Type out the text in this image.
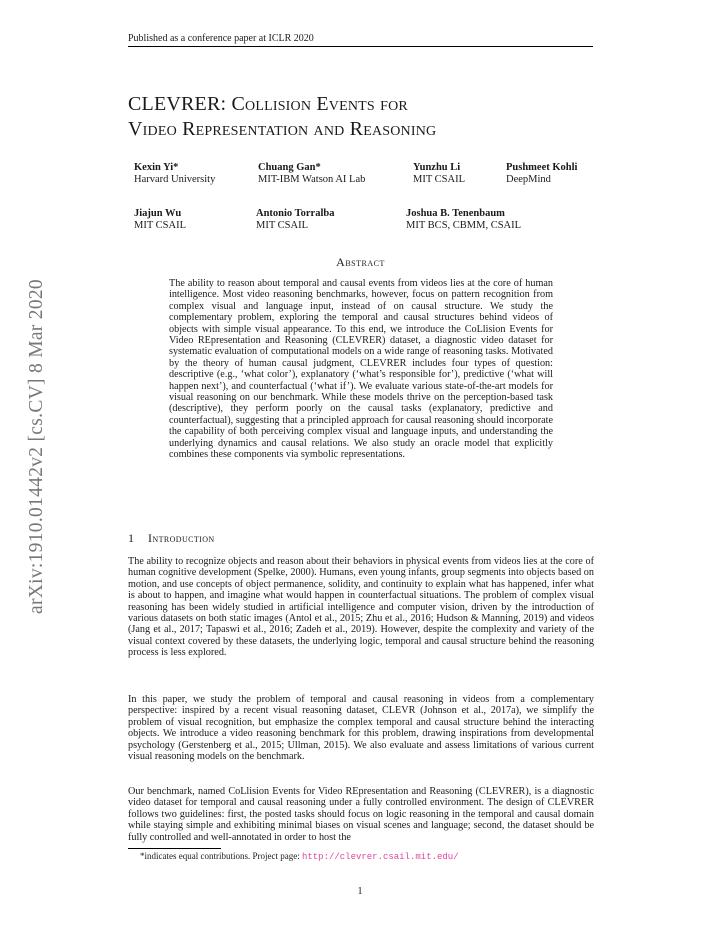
Published as a conference paper at ICLR 2020
CLEVRER: Collision Events for
Video Representation and Reasoning
Kexin Yi*
Harvard University
Chuang Gan*
MIT-IBM Watson AI Lab
Yunzhu Li
MIT CSAIL
Pushmeet Kohli
DeepMind
Jiajun Wu
MIT CSAIL
Antonio Torralba
MIT CSAIL
Joshua B. Tenenbaum
MIT BCS, CBMM, CSAIL
arXiv:1910.01442v2 [cs.CV] 8 Mar 2020
Abstract
The ability to reason about temporal and causal events from videos lies at the core of human intelligence. Most video reasoning benchmarks, however, focus on pattern recognition from complex visual and language input, instead of on causal structure. We study the complementary problem, exploring the temporal and causal structures behind videos of objects with simple visual appearance. To this end, we introduce the CoLlision Events for Video REpresentation and Reasoning (CLEVRER) dataset, a diagnostic video dataset for systematic evaluation of computational models on a wide range of reasoning tasks. Motivated by the theory of human causal judgment, CLEVRER includes four types of question: descriptive (e.g., ‘what color’), explanatory (‘what’s responsible for’), predictive (‘what will happen next’), and counterfactual (‘what if’). We evaluate various state-of-the-art models for visual reasoning on our benchmark. While these models thrive on the perception-based task (descriptive), they perform poorly on the causal tasks (explanatory, predictive and counterfactual), suggesting that a principled approach for causal reasoning should incorporate the capability of both perceiving complex visual and language inputs, and understanding the underlying dynamics and causal relations. We also study an oracle model that explicitly combines these components via symbolic representations.
1 Introduction
The ability to recognize objects and reason about their behaviors in physical events from videos lies at the core of human cognitive development (Spelke, 2000). Humans, even young infants, group segments into objects based on motion, and use concepts of object permanence, solidity, and continuity to explain what has happened, infer what is about to happen, and imagine what would happen in counterfactual situations. The problem of complex visual reasoning has been widely studied in artificial intelligence and computer vision, driven by the introduction of various datasets on both static images (Antol et al., 2015; Zhu et al., 2016; Hudson & Manning, 2019) and videos (Jang et al., 2017; Tapaswi et al., 2016; Zadeh et al., 2019). However, despite the complexity and variety of the visual context covered by these datasets, the underlying logic, temporal and causal structure behind the reasoning process is less explored.
In this paper, we study the problem of temporal and causal reasoning in videos from a complementary perspective: inspired by a recent visual reasoning dataset, CLEVR (Johnson et al., 2017a), we simplify the problem of visual recognition, but emphasize the complex temporal and causal structure behind the interacting objects. We introduce a video reasoning benchmark for this problem, drawing inspirations from developmental psychology (Gerstenberg et al., 2015; Ullman, 2015). We also evaluate and assess limitations of various current visual reasoning models on the benchmark.
Our benchmark, named CoLlision Events for Video REpresentation and Reasoning (CLEVRER), is a diagnostic video dataset for temporal and causal reasoning under a fully controlled environment. The design of CLEVRER follows two guidelines: first, the posted tasks should focus on logic reasoning in the temporal and causal domain while staying simple and exhibiting minimal biases on visual scenes and language; second, the dataset should be fully controlled and well-annotated in order to host the
*indicates equal contributions. Project page: http://clevrer.csail.mit.edu/
1
